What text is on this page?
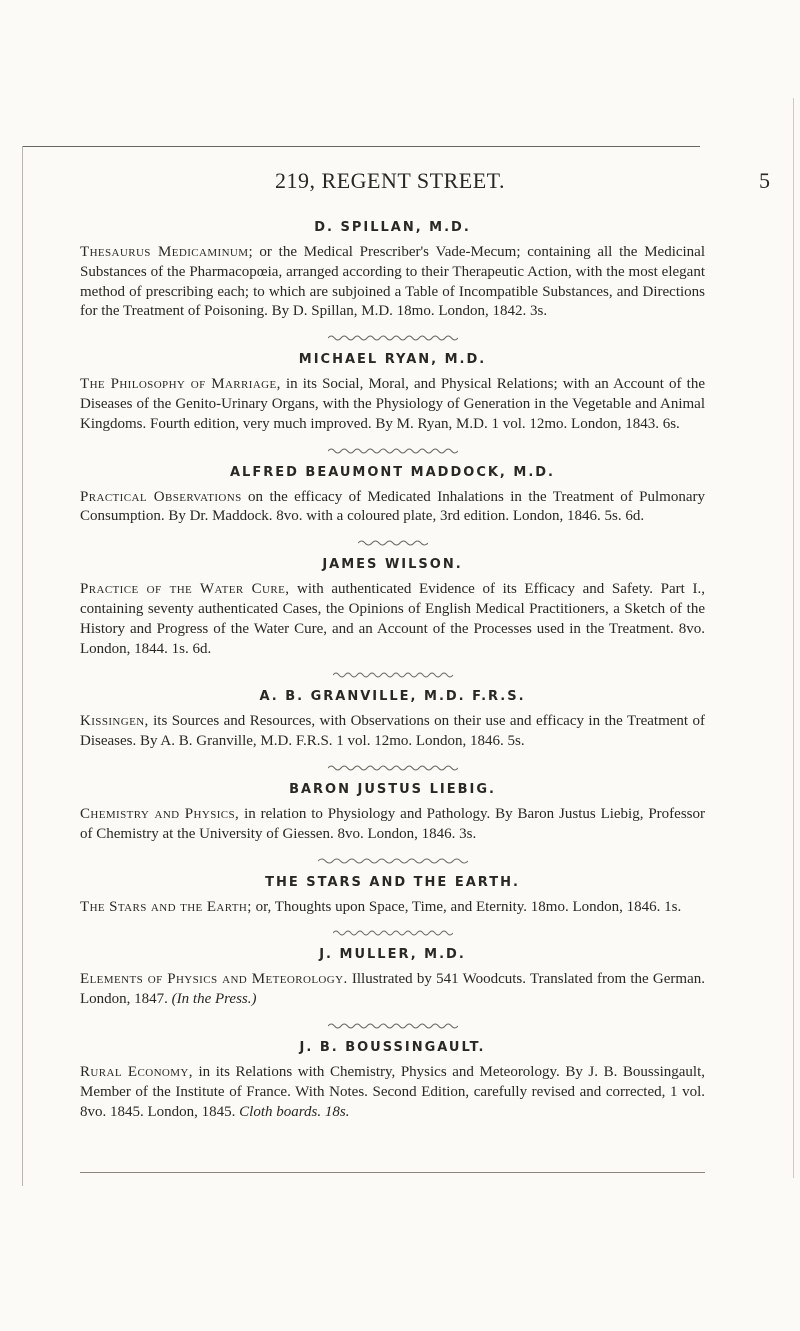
219, REGENT STREET.	5
D. SPILLAN, M.D.

Thesaurus Medicaminum; or the Medical Prescriber's Vade-Mecum; containing all the Medicinal Substances of the Pharmacopœia, arranged according to their Therapeutic Action, with the most elegant method of prescribing each; to which are subjoined a Table of Incompatible Substances, and Directions for the Treatment of Poisoning. By D. Spillan, M.D. 18mo. London, 1842. 3s.

MICHAEL RYAN, M.D.

The Philosophy of Marriage, in its Social, Moral, and Physical Relations; with an Account of the Diseases of the Genito-Urinary Organs, with the Physiology of Generation in the Vegetable and Animal Kingdoms. Fourth edition, very much improved. By M. Ryan, M.D. 1 vol. 12mo. London, 1843. 6s.

ALFRED BEAUMONT MADDOCK, M.D.

Practical Observations on the efficacy of Medicated Inhalations in the Treatment of Pulmonary Consumption. By Dr. Maddock. 8vo. with a coloured plate, 3rd edition. London, 1846. 5s. 6d.

JAMES WILSON.

Practice of the Water Cure, with authenticated Evidence of its Efficacy and Safety. Part I., containing seventy authenticated Cases, the Opinions of English Medical Practitioners, a Sketch of the History and Progress of the Water Cure, and an Account of the Processes used in the Treatment. 8vo. London, 1844. 1s. 6d.

A. B. GRANVILLE, M.D. F.R.S.

Kissingen, its Sources and Resources, with Observations on their use and efficacy in the Treatment of Diseases. By A. B. Granville, M.D. F.R.S. 1 vol. 12mo. London, 1846. 5s.

BARON JUSTUS LIEBIG.

Chemistry and Physics, in relation to Physiology and Pathology. By Baron Justus Liebig, Professor of Chemistry at the University of Giessen. 8vo. London, 1846. 3s.

THE STARS AND THE EARTH.

The Stars and the Earth; or, Thoughts upon Space, Time, and Eternity. 18mo. London, 1846. 1s.

J. MULLER, M.D.

Elements of Physics and Meteorology. Illustrated by 541 Woodcuts. Translated from the German. London, 1847. (In the Press.)

J. B. BOUSSINGAULT.

Rural Economy, in its Relations with Chemistry, Physics and Meteorology. By J. B. Boussingault, Member of the Institute of France. With Notes. Second Edition, carefully revised and corrected, 1 vol. 8vo. 1845. London, 1845. Cloth boards. 18s.
